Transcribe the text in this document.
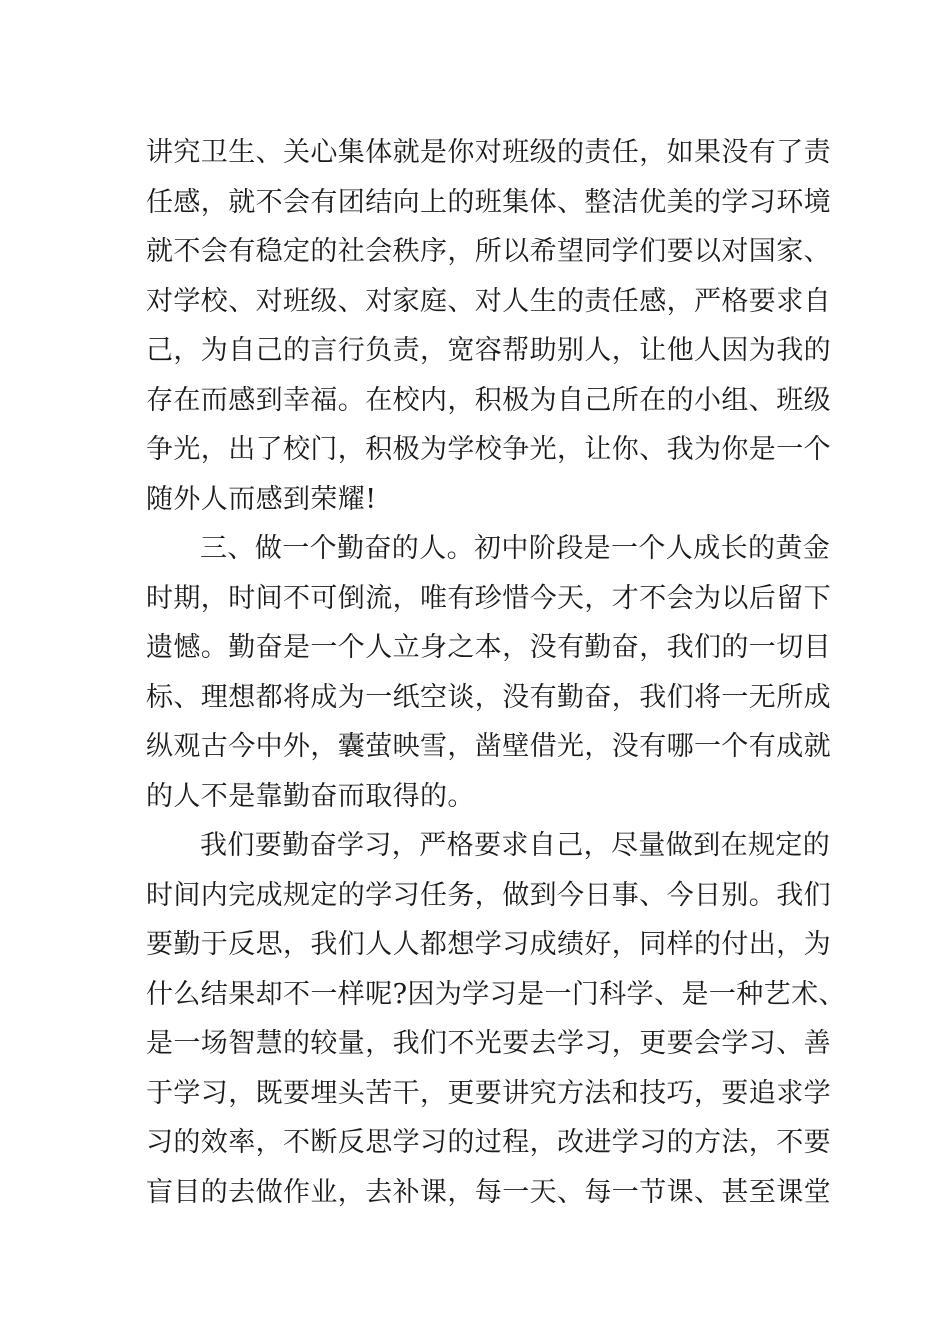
讲究卫生、关心集体就是你对班级的责任，如果没有了责
任感，就不会有团结向上的班集体、整洁优美的学习环境
就不会有稳定的社会秩序，所以希望同学们要以对国家、
对学校、对班级、对家庭、对人生的责任感，严格要求自
己，为自己的言行负责，宽容帮助别人，让他人因为我的
存在而感到幸福。在校内，积极为自己所在的小组、班级
争光，出了校门，积极为学校争光，让你、我为你是一个
随外人而感到荣耀!
三、做一个勤奋的人。初中阶段是一个人成长的黄金
时期，时间不可倒流，唯有珍惜今天，才不会为以后留下
遗憾。勤奋是一个人立身之本，没有勤奋，我们的一切目
标、理想都将成为一纸空谈，没有勤奋，我们将一无所成
纵观古今中外，囊萤映雪，凿壁借光，没有哪一个有成就
的人不是靠勤奋而取得的。
我们要勤奋学习，严格要求自己，尽量做到在规定的
时间内完成规定的学习任务，做到今日事、今日别。我们
要勤于反思，我们人人都想学习成绩好，同样的付出，为
什么结果却不一样呢?因为学习是一门科学、是一种艺术、
是一场智慧的较量，我们不光要去学习，更要会学习、善
于学习，既要埋头苦干，更要讲究方法和技巧，要追求学
习的效率，不断反思学习的过程，改进学习的方法，不要
盲目的去做作业，去补课，每一天、每一节课、甚至课堂
